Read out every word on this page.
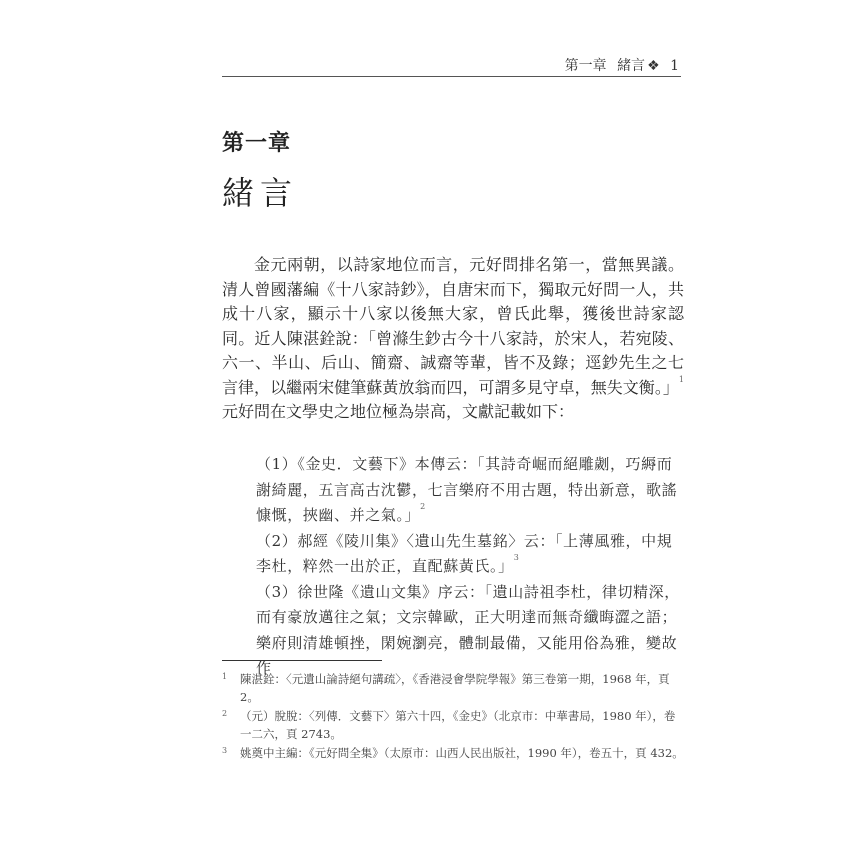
第一章 緒言 ❖ 1
第一章
緒言

金元兩朝，以詩家地位而言，元好問排名第一，當無異議。清人曾國藩編《十八家詩鈔》，自唐宋而下，獨取元好問一人，共成十八家，顯示十八家以後無大家，曾氏此舉，獲後世詩家認同。近人陳湛銓說：「曾滌生鈔古今十八家詩，於宋人，若宛陵、六一、半山、后山、簡齋、誠齋等輩，皆不及錄；逕鈔先生之七言律，以繼兩宋健筆蘇黃放翁而四，可謂多見守卓，無失文衡。」$^1$元好問在文學史之地位極為崇高，文獻記載如下：

（1）《金史．文藝下》本傳云：「其詩奇崛而絕雕劌，巧縟而謝綺麗，五言高古沈鬱，七言樂府不用古題，特出新意，歌謠慷慨，挾幽、并之氣。」$^2$

（2）郝經《陵川集》〈遺山先生墓銘〉云：「上薄風雅，中規李杜，粹然一出於正，直配蘇黃氏。」$^3$

（3）徐世隆《遺山文集》序云：「遺山詩祖李杜，律切精深，而有豪放邁往之氣；文宗韓歐，正大明達而無奇纖晦澀之語；樂府則清雄頓挫，閑婉瀏亮，體制最備，又能用俗為雅，變故作

1 陳湛銓：〈元遺山論詩絕句講疏〉，《香港浸會學院學報》第三卷第一期，1968 年，頁 2。

2 （元）脫脫：〈列傳．文藝下〉第六十四，《金史》（北京市：中華書局，1980 年），卷一二六，頁 2743。

3 姚奠中主編：《元好問全集》（太原市：山西人民出版社，1990 年），卷五十，頁 432。
